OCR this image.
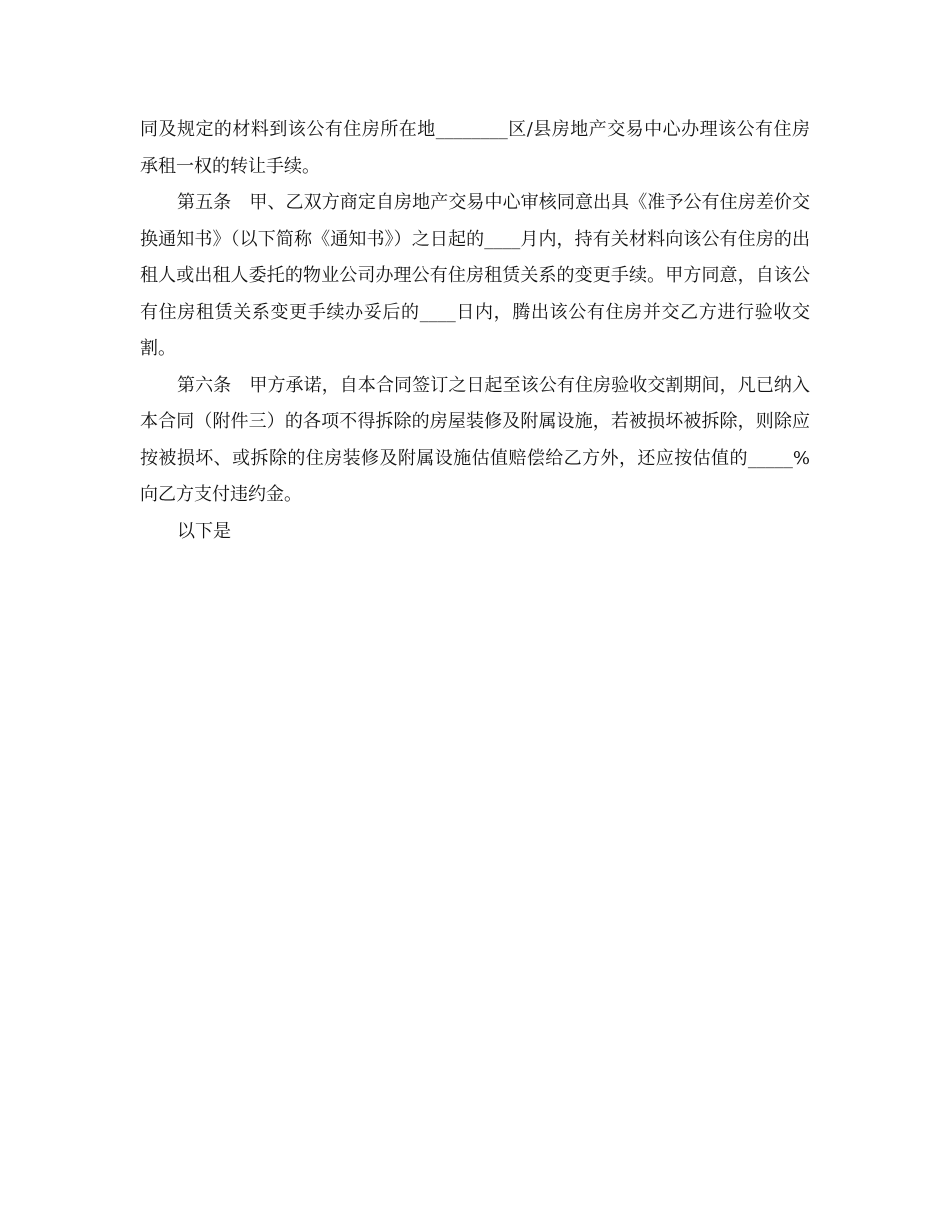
同及规定的材料到该公有住房所在地________区/县房地产交易中心办理该公有住房承租一权的转让手续。

第五条　甲、乙双方商定自房地产交易中心审核同意出具《准予公有住房差价交换通知书》（以下简称《通知书》）之日起的____月内，持有关材料向该公有住房的出租人或出租人委托的物业公司办理公有住房租赁关系的变更手续。甲方同意，自该公有住房租赁关系变更手续办妥后的____日内，腾出该公有住房并交乙方进行验收交割。

第六条　甲方承诺，自本合同签订之日起至该公有住房验收交割期间，凡已纳入本合同（附件三）的各项不得拆除的房屋装修及附属设施，若被损坏被拆除，则除应按被损坏、或拆除的住房装修及附属设施估值赔偿给乙方外，还应按估值的_____%向乙方支付违约金。

以下是
